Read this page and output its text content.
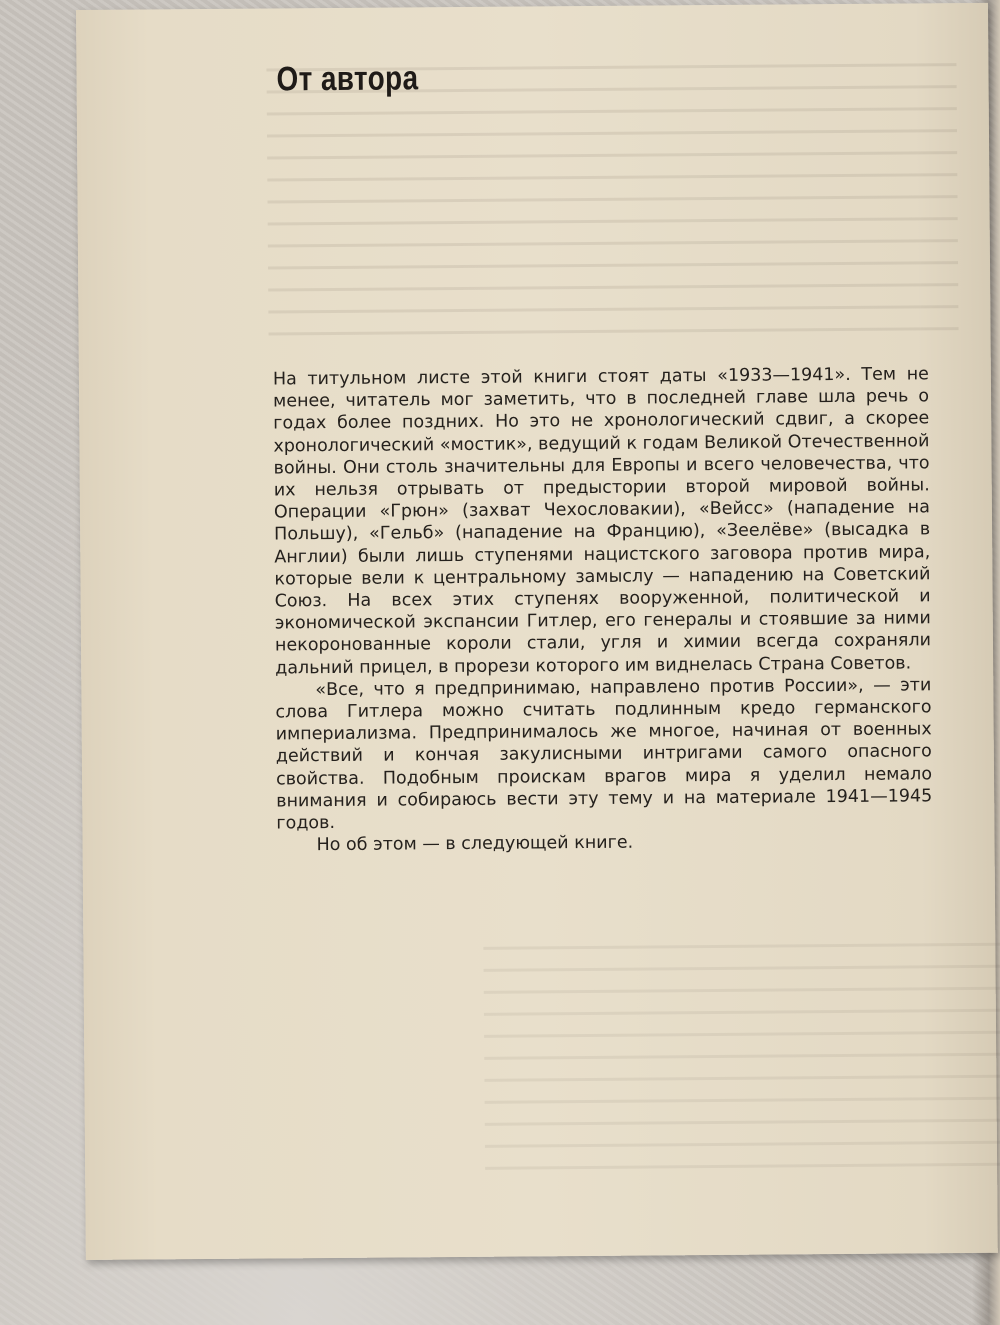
От автора

На титульном листе этой книги стоят даты «1933—1941». Тем не менее, читатель мог заметить, что в последней главе шла речь о годах более поздних. Но это не хронологический сдвиг, а скорее хронологический «мостик», ведущий к годам Великой Отечественной войны. Они столь значительны для Европы и всего человечества, что их нельзя отрывать от предыстории второй мировой войны. Операции «Грюн» (захват Чехословакии), «Вейсс» (нападение на Польшу), «Гельб» (нападение на Францию), «Зеелёве» (высадка в Англии) были лишь ступенями нацистского заговора против мира, которые вели к центральному замыслу — нападению на Советский Союз. На всех этих ступенях вооруженной, политической и экономической экспансии Гитлер, его генералы и стоявшие за ними некоронованные короли стали, угля и химии всегда сохраняли дальний прицел, в прорези которого им виднелась Страна Советов.

«Все, что я предпринимаю, направлено против России», — эти слова Гитлера можно считать подлинным кредо германского империализма. Предпринималось же многое, начиная от военных действий и кончая закулисными интригами самого опасного свойства. Подобным проискам врагов мира я уделил немало внимания и собираюсь вести эту тему и на материале 1941—1945 годов.

Но об этом — в следующей книге.
